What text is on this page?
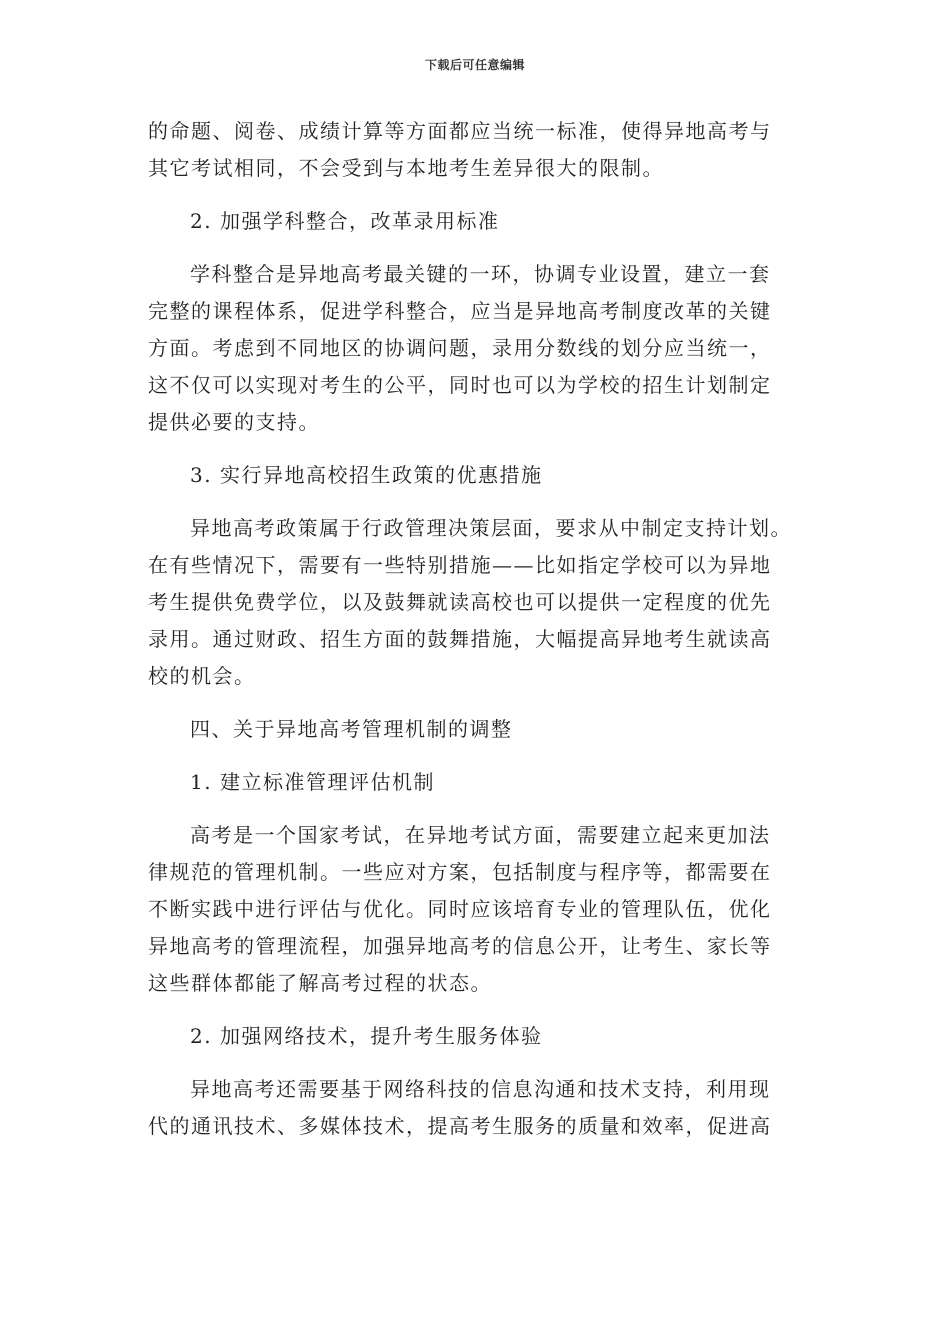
下载后可任意编辑
的命题、阅卷、成绩计算等方面都应当统一标准，使得异地高考与
其它考试相同，不会受到与本地考生差异很大的限制。
2. 加强学科整合，改革录用标准
学科整合是异地高考最关键的一环，协调专业设置，建立一套
完整的课程体系，促进学科整合，应当是异地高考制度改革的关键
方面。考虑到不同地区的协调问题，录用分数线的划分应当统一，
这不仅可以实现对考生的公平，同时也可以为学校的招生计划制定
提供必要的支持。
3. 实行异地高校招生政策的优惠措施
异地高考政策属于行政管理决策层面，要求从中制定支持计划。
在有些情况下，需要有一些特别措施——比如指定学校可以为异地
考生提供免费学位，以及鼓舞就读高校也可以提供一定程度的优先
录用。通过财政、招生方面的鼓舞措施，大幅提高异地考生就读高
校的机会。
四、关于异地高考管理机制的调整
1. 建立标准管理评估机制
高考是一个国家考试，在异地考试方面，需要建立起来更加法
律规范的管理机制。一些应对方案，包括制度与程序等，都需要在
不断实践中进行评估与优化。同时应该培育专业的管理队伍，优化
异地高考的管理流程，加强异地高考的信息公开，让考生、家长等
这些群体都能了解高考过程的状态。
2. 加强网络技术，提升考生服务体验
异地高考还需要基于网络科技的信息沟通和技术支持，利用现
代的通讯技术、多媒体技术，提高考生服务的质量和效率，促进高
